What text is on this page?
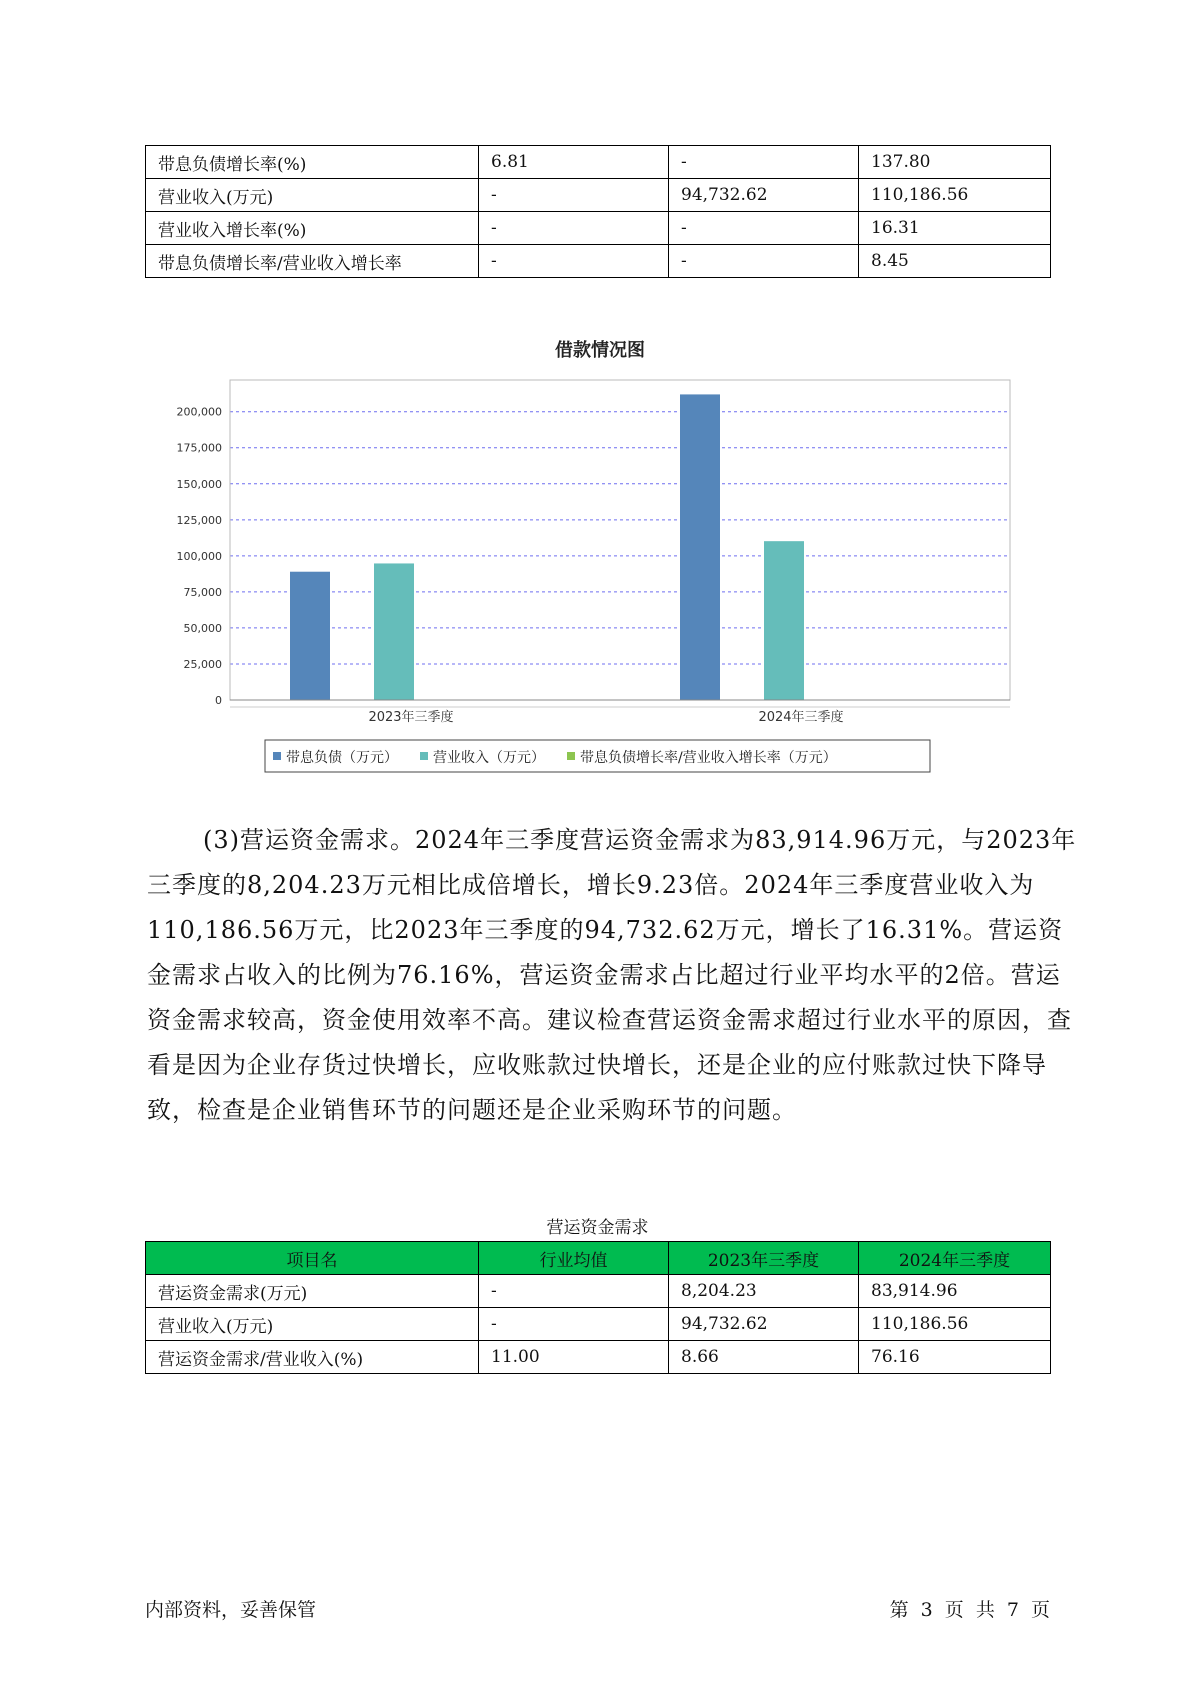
带息负债增长率(%)	6.81	-	137.80
营业收入(万元)	-	94,732.62	110,186.56
营业收入增长率(%)	-	-	16.31
带息负债增长率/营业收入增长率	-	-	8.45
借款情况图
0
25,000
50,000
75,000
100,000
125,000
150,000
175,000
200,000
2023年三季度	2024年三季度
带息负债（万元）	营业收入（万元）	带息负债增长率/营业收入增长率（万元）

(3)营运资金需求。2024年三季度营运资金需求为83,914.96万元，与2023年三季度的8,204.23万元相比成倍增长，增长9.23倍。2024年三季度营业收入为110,186.56万元，比2023年三季度的94,732.62万元，增长了16.31%。营运资金需求占收入的比例为76.16%，营运资金需求占比超过行业平均水平的2倍。营运资金需求较高，资金使用效率不高。建议检查营运资金需求超过行业水平的原因，查看是因为企业存货过快增长，应收账款过快增长，还是企业的应付账款过快下降导致，检查是企业销售环节的问题还是企业采购环节的问题。

营运资金需求
项目名	行业均值	2023年三季度	2024年三季度
营运资金需求(万元)	-	8,204.23	83,914.96
营业收入(万元)	-	94,732.62	110,186.56
营运资金需求/营业收入(%)	11.00	8.66	76.16
内部资料，妥善保管	第 3 页 共 7 页
